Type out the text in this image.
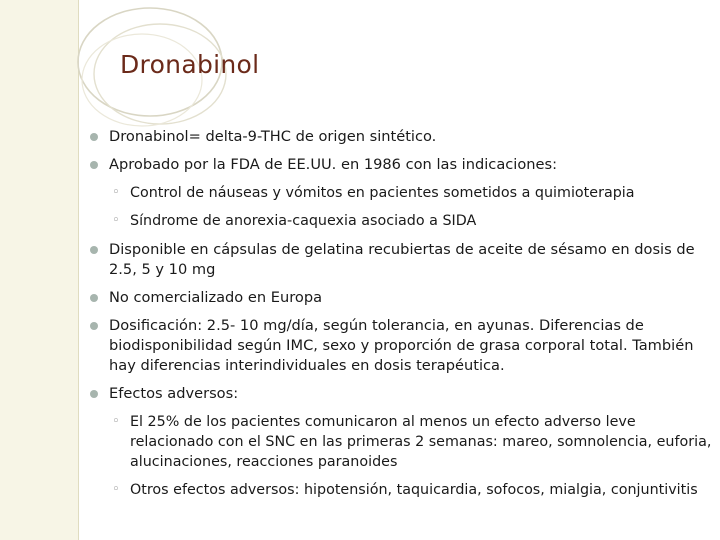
Dronabinol
Dronabinol= delta-9-THC de origen sintético.
Aprobado por la FDA de EE.UU. en 1986 con las indicaciones:
◦ Control de náuseas y vómitos en pacientes sometidos a quimioterapia
◦ Síndrome de anorexia-caquexia asociado a SIDA
Disponible en cápsulas de gelatina recubiertas de aceite de sésamo en dosis de 2.5, 5 y 10 mg
No comercializado en Europa
Dosificación: 2.5- 10 mg/día, según tolerancia, en ayunas. Diferencias de biodisponibilidad según IMC, sexo y proporción de grasa corporal total. También hay diferencias interindividuales en dosis terapéutica.
Efectos adversos:
◦ El 25% de los pacientes comunicaron al menos un efecto adverso leve relacionado con el SNC en las primeras 2 semanas: mareo, somnolencia, euforia, alucinaciones, reacciones paranoides
◦ Otros efectos adversos: hipotensión, taquicardia, sofocos, mialgia, conjuntivitis
